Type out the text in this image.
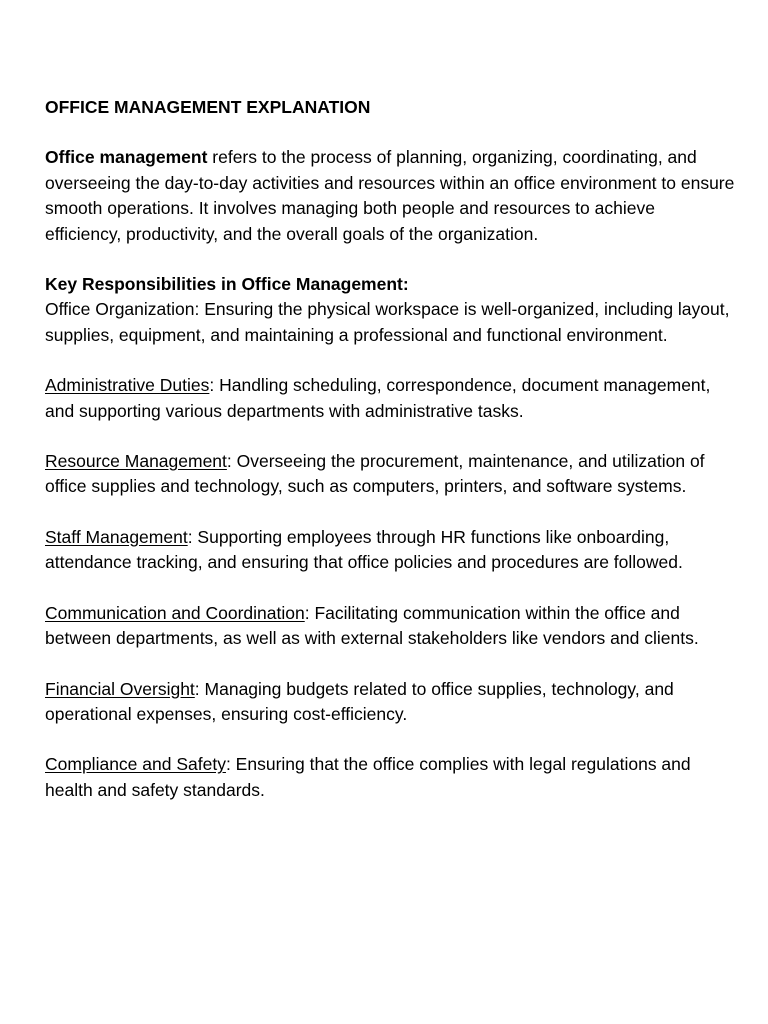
OFFICE MANAGEMENT EXPLANATION

Office management refers to the process of planning, organizing, coordinating, and overseeing the day-to-day activities and resources within an office environment to ensure smooth operations. It involves managing both people and resources to achieve efficiency, productivity, and the overall goals of the organization.

Key Responsibilities in Office Management:

Office Organization: Ensuring the physical workspace is well-organized, including layout, supplies, equipment, and maintaining a professional and functional environment.

Administrative Duties: Handling scheduling, correspondence, document management, and supporting various departments with administrative tasks.

Resource Management: Overseeing the procurement, maintenance, and utilization of office supplies and technology, such as computers, printers, and software systems.

Staff Management: Supporting employees through HR functions like onboarding, attendance tracking, and ensuring that office policies and procedures are followed.

Communication and Coordination: Facilitating communication within the office and between departments, as well as with external stakeholders like vendors and clients.

Financial Oversight: Managing budgets related to office supplies, technology, and operational expenses, ensuring cost-efficiency.

Compliance and Safety: Ensuring that the office complies with legal regulations and health and safety standards.
